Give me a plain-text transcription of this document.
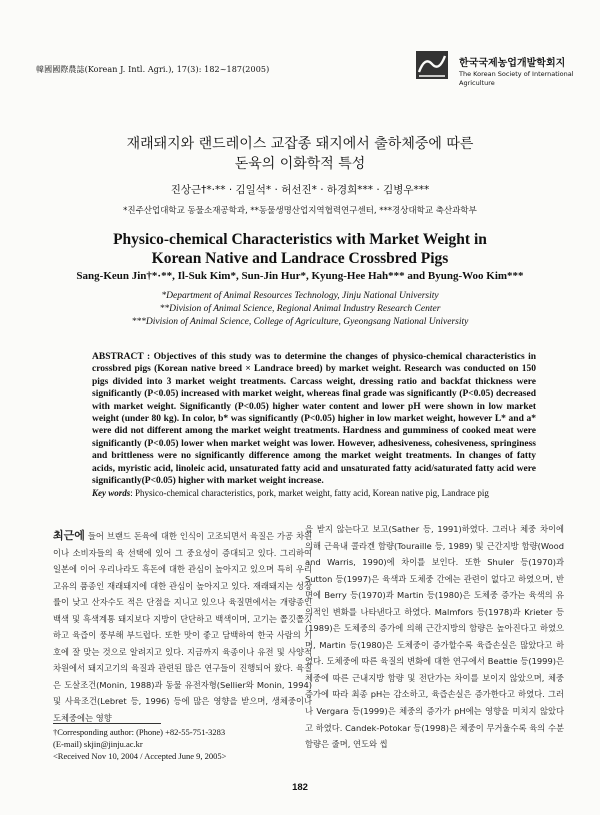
韓國國際農誌(Korean J. Intl. Agri.), 17(3): 182~187(2005)
한국국제농업개발학회지
The Korean Society of International
Agriculture
재래돼지와 랜드레이스 교잡종 돼지에서 출하체중에 따른
돈육의 이화학적 특성
진상근†*·** · 김일석* · 허선진* · 하경희*** · 김병우***
*진주산업대학교 동물소재공학과, **동물생명산업지역협력연구센터, ***경상대학교 축산과학부
Physico-chemical Characteristics with Market Weight in
Korean Native and Landrace Crossbred Pigs
Sang-Keun Jin†*·**, Il-Suk Kim*, Sun-Jin Hur*, Kyung-Hee Hah*** and Byung-Woo Kim***
*Department of Animal Resources Technology, Jinju National University
**Division of Animal Science, Regional Animal Industry Research Center
***Division of Animal Science, College of Agriculture, Gyeongsang National University
ABSTRACT : Objectives of this study was to determine the changes of physico-chemical characteristics in crossbred pigs (Korean native breed × Landrace breed) by market weight. Research was conducted on 150 pigs divided into 3 market weight treatments. Carcass weight, dressing ratio and backfat thickness were significantly (P<0.05) increased with market weight, whereas final grade was significantly (P<0.05) decreased with market weight. Significantly (P<0.05) higher water content and lower pH were shown in low market weight (under 80 kg). In color, b* was significantly (P<0.05) higher in low market weight, however L* and a* were did not different among the market weight treatments. Hardness and gumminess of cooked meat were significantly (P<0.05) lower when market weight was lower. However, adhesiveness, cohesiveness, springiness and brittleness were no significantly difference among the market weight treatments. In changes of fatty acids, myristic acid, linoleic acid, unsaturated fatty acid and unsaturated fatty acid/saturated fatty acid were significantly(P<0.05) higher with market weight increase.
Key words: Physico-chemical characteristics, pork, market weight, fatty acid, Korean native pig, Landrace pig
최근에 들어 브랜드 돈육에 대한 인식이 고조되면서 육질은 가공 차원이나 소비자들의 육 선택에 있어 그 중요성이 증대되고 있다. 그리하여 일본에 이어 우리나라도 흑돈에 대한 관심이 높아지고 있으며 특히 우리 고유의 품종인 재래돼지에 대한 관심이 높아지고 있다. 재래돼지는 성장률이 낮고 산자수도 적은 단점을 지니고 있으나 육질면에서는 개량종인 백색 및 흑색계통 돼지보다 지방이 단단하고 백색이며, 고기는 쫄깃쫄깃하고 육즙이 풍부해 부드럽다. 또한 맛이 좋고 담백하여 한국 사람의 기호에 잘 맞는 것으로 알려지고 있다. 지금까지 육종이나 유전 및 사양적 차원에서 돼지고기의 육질과 관련된 많은 연구들이 진행되어 왔다. 육질은 도살조건(Monin, 1988)과 동물 유전자형(Sellier와 Monin, 1994) 및 사육조건(Lebret 등, 1996) 등에 많은 영향을 받으며, 생체중이나 도체중에는 영향
을 받지 않는다고 보고(Sather 등, 1991)하였다. 그러나 체중 차이에 의해 근육내 콜라겐 함량(Touraille 등, 1989) 및 근간지방 함량(Wood and Warris, 1990)에 차이를 보인다. 또한 Shuler 등(1970)과 Sutton 등(1997)은 육색과 도체중 간에는 관련이 없다고 하였으며, 반면에 Berry 등(1970)과 Martin 등(1980)은 도체중 증가는 육색의 유의적인 변화를 나타낸다고 하였다. Malmfors 등(1978)과 Krieter 등(1989)은 도체중의 증가에 의해 근간지방의 함량은 높아진다고 하였으며, Martin 등(1980)은 도체중이 증가할수록 육즙손실은 많았다고 하였다. 도체중에 따른 육질의 변화에 대한 연구에서 Beattie 등(1999)은 체중에 따른 근내지방 함량 및 전단가는 차이를 보이지 않았으며, 체중 증가에 따라 최종 pH는 감소하고, 육즙손실은 증가한다고 하였다. 그러나 Vergara 등(1999)은 체중의 증가가 pH에는 영향을 미치지 않았다고 하였다. Candek-Potokar 등(1998)은 체중이 무거울수록 육의 수분 함량은 줄며, 연도와 씹
†Corresponding author: (Phone) +82-55-751-3283
(E-mail) skjin@jinju.ac.kr
<Received Nov 10, 2004 / Accepted June 9, 2005>
182
